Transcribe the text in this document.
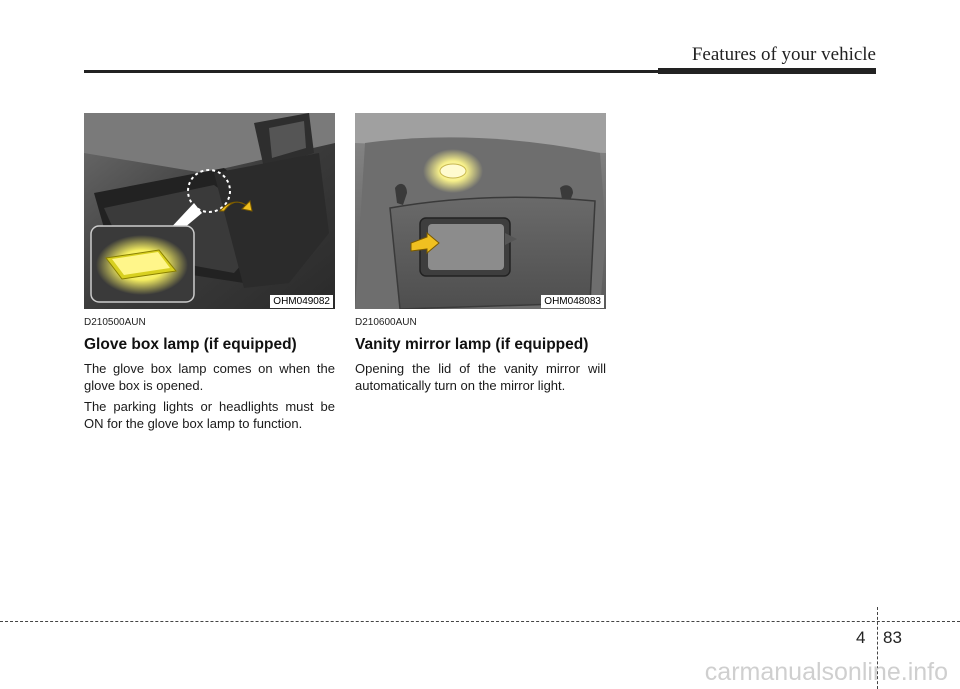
Features of your vehicle
OHM049082	OHM048083
D210500AUN
Glove box lamp (if equipped)

The glove box lamp comes on when the glove box is opened.

The parking lights or headlights must be ON for the glove box lamp to function.

D210600AUN
Vanity mirror lamp (if equipped)

Opening the lid of the vanity mirror will automatically turn on the mirror light.

4 83
carmanualsonline.info
